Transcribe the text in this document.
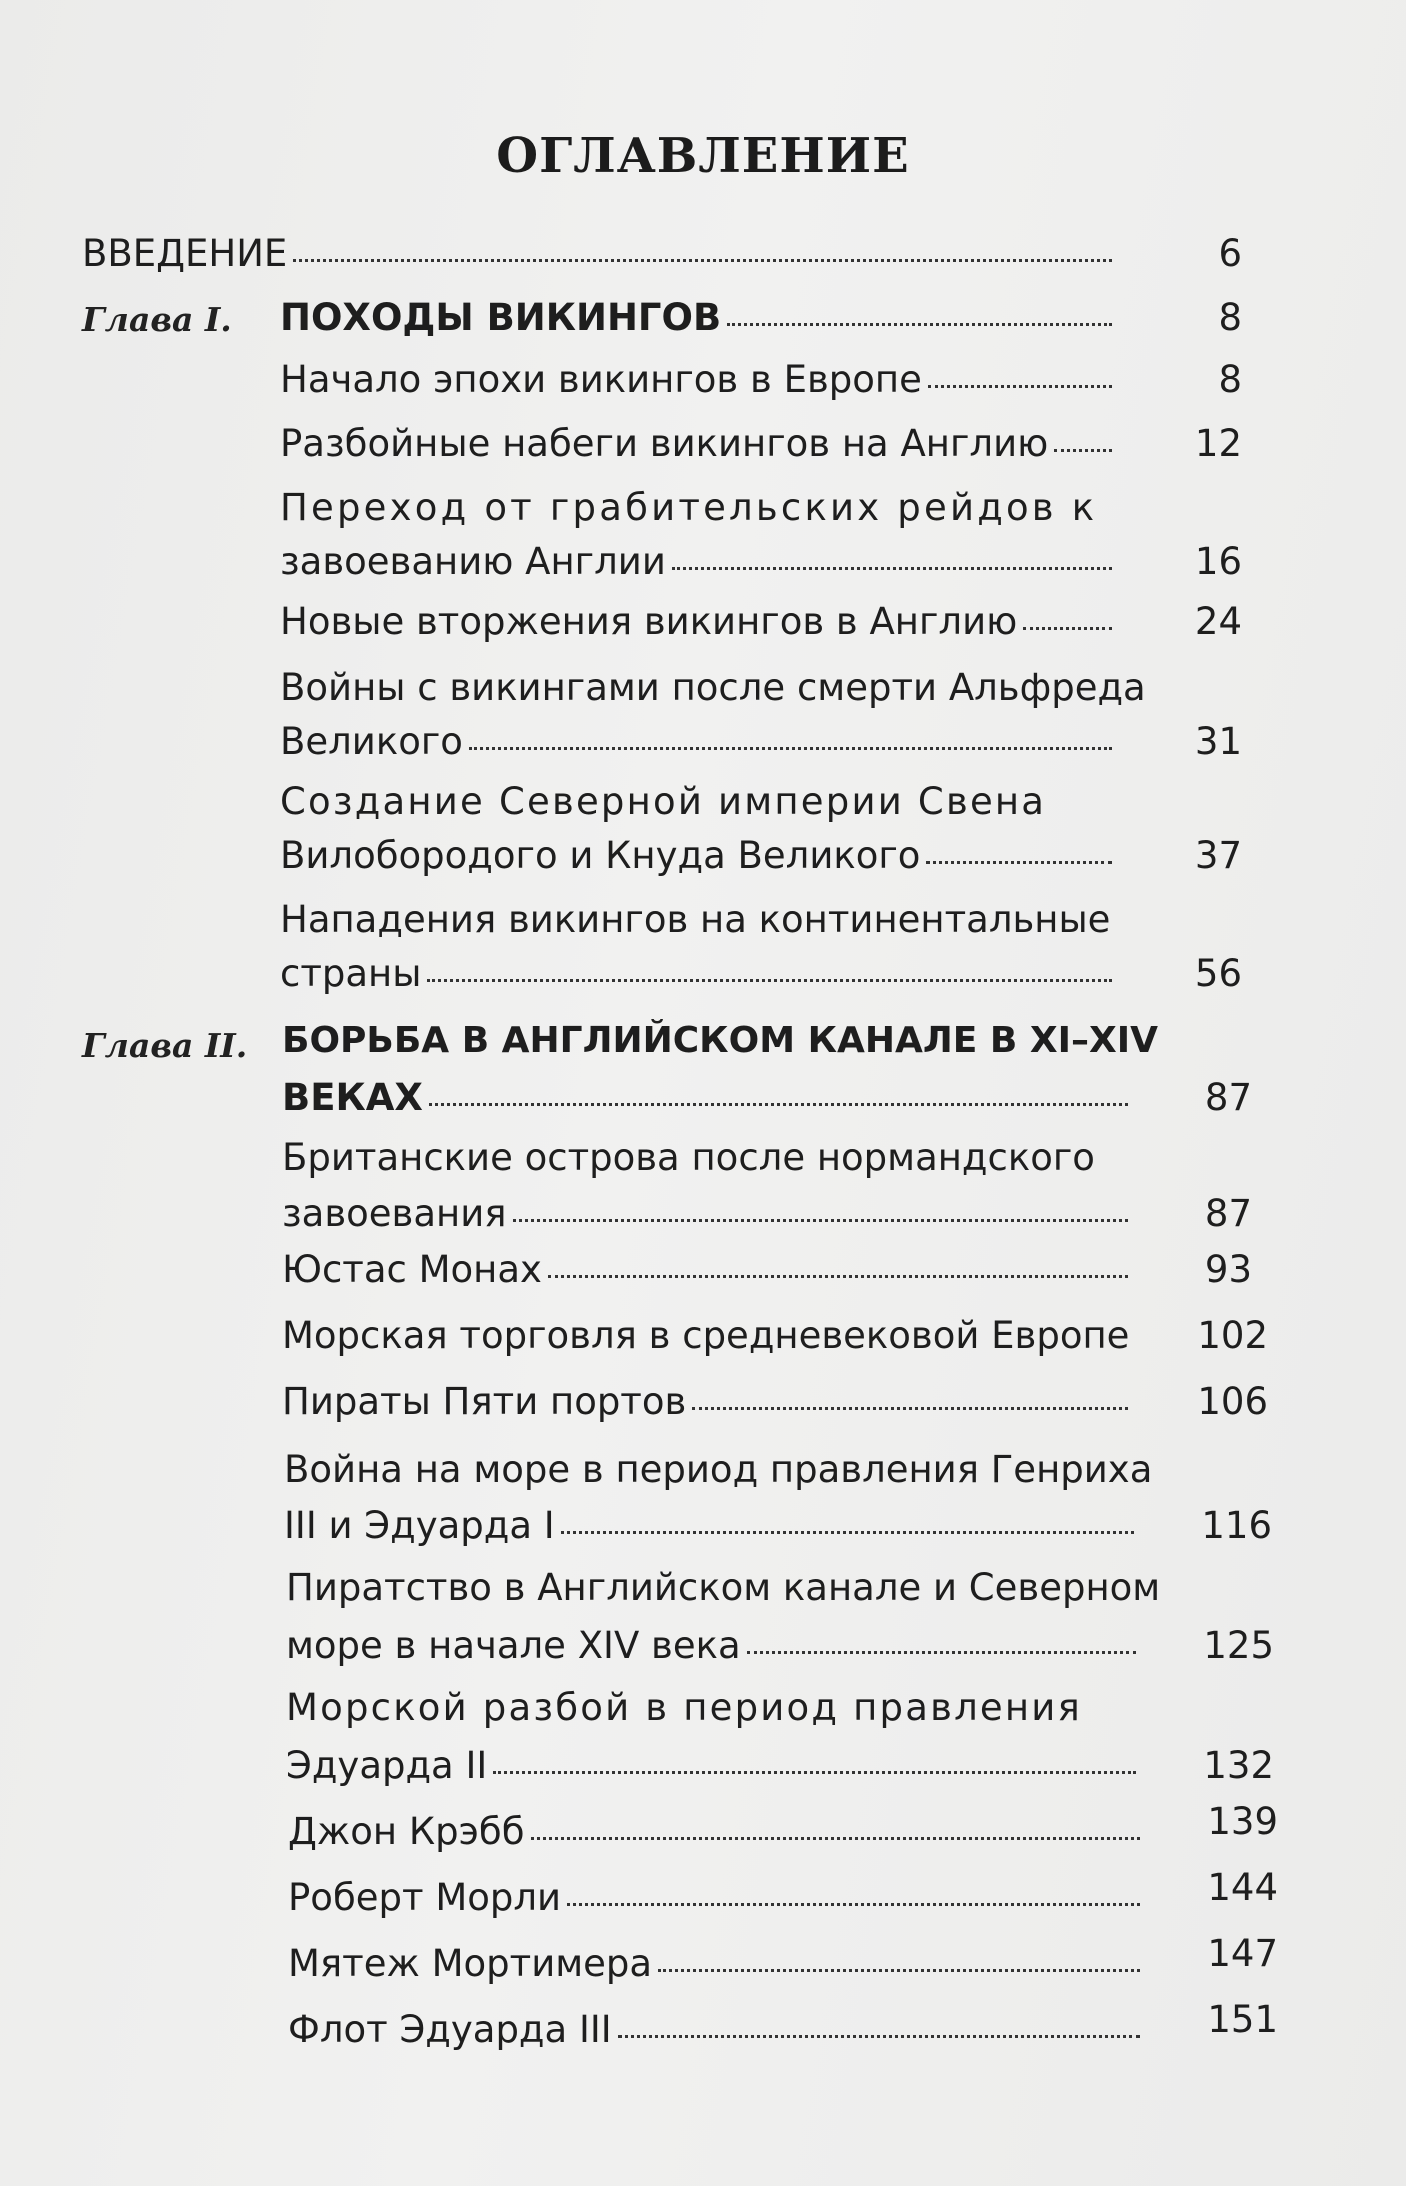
ОГЛАВЛЕНИЕ
ВВЕДЕНИЕ	6
Глава I. ПОХОДЫ ВИКИНГОВ	8
Начало эпохи викингов в Европе	8
Разбойные набеги викингов на Англию	12
Переход от грабительских рейдов к
завоеванию Англии	16
Новые вторжения викингов в Англию	24
Войны с викингами после смерти Альфреда
Великого	31
Создание Северной империи Свена
Вилобородого и Кнуда Великого	37
Нападения викингов на континентальные
страны	56
Глава II. БОРЬБА В АНГЛИЙСКОМ КАНАЛЕ В XI–XIV
ВЕКАХ	87
Британские острова после нормандского
завоевания	87
Юстас Монах	93
Морская торговля в средневековой Европе	102
Пираты Пяти портов	106
Война на море в период правления Генриха
III и Эдуарда I	116
Пиратство в Английском канале и Северном
море в начале XIV века	125
Морской разбой в период правления
Эдуарда II	132
Джон Крэбб	139
Роберт Морли	144
Мятеж Мортимера	147
Флот Эдуарда III	151
